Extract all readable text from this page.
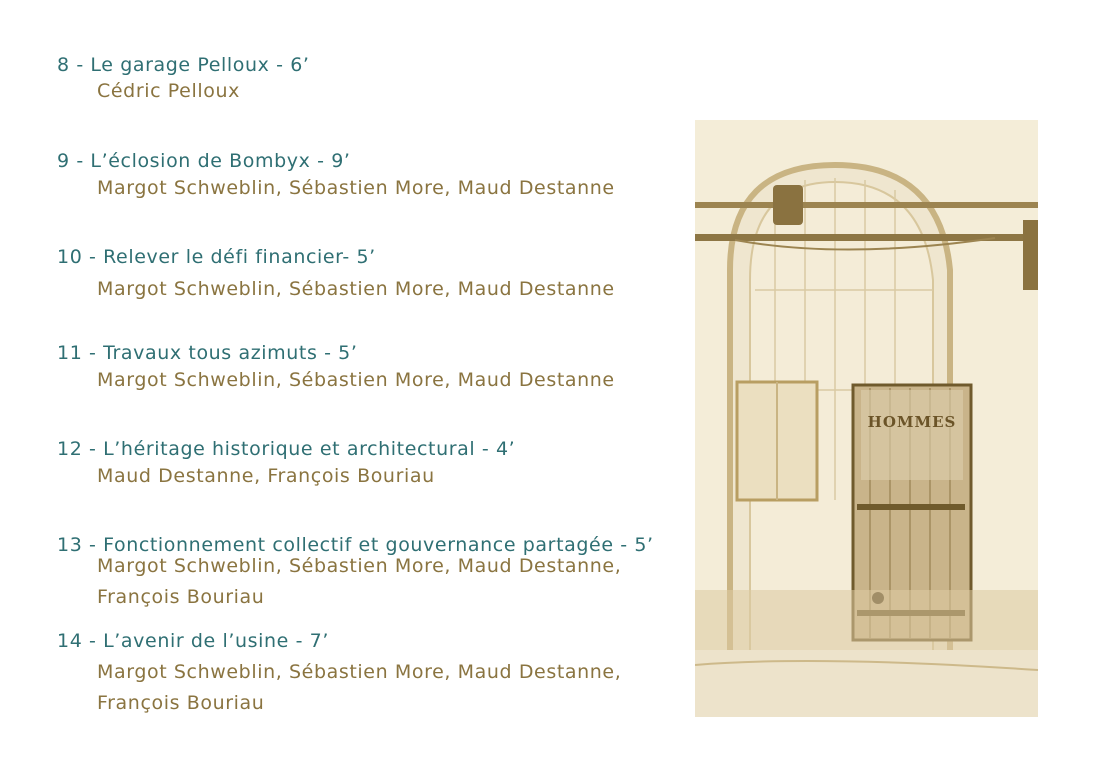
8 - Le garage Pelloux - 6’
Cédric Pelloux
9 - L’éclosion de Bombyx - 9’
Margot Schweblin, Sébastien More, Maud Destanne
10 - Relever le défi financier- 5’
Margot Schweblin, Sébastien More, Maud Destanne
11 - Travaux tous azimuts - 5’
Margot Schweblin, Sébastien More, Maud Destanne
12 - L’héritage historique et architectural - 4’
Maud Destanne, François Bouriau
13 - Fonctionnement collectif et gouvernance partagée - 5’
Margot Schweblin, Sébastien More, Maud Destanne,
François Bouriau
14 - L’avenir de l’usine - 7’
Margot Schweblin, Sébastien More, Maud Destanne,
François Bouriau
HOMMES
